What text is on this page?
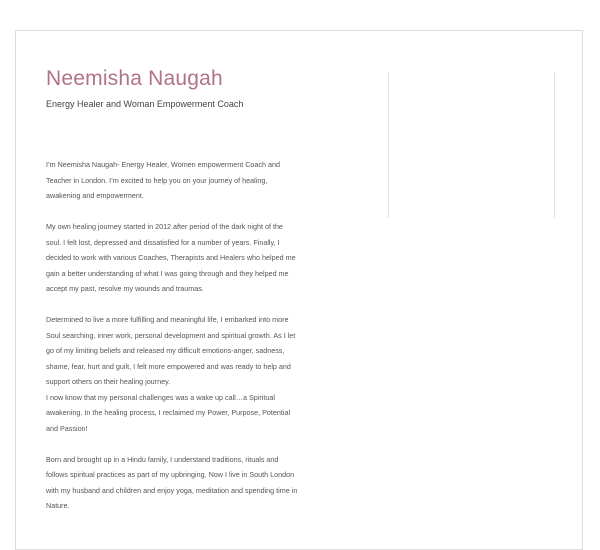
Neemisha Naugah
Energy Healer and Woman Empowerment Coach

I’m Neemisha Naugah- Energy Healer, Women empowerment Coach and
Teacher in London. I’m excited to help you on your journey of healing,
awakening and empowerment.

My own healing journey started in 2012 after period of the dark night of the
soul. I felt lost, depressed and dissatisfied for a number of years. Finally, I
decided to work with various Coaches, Therapists and Healers who helped me
gain a better understanding of what I was going through and they helped me
accept my past, resolve my wounds and traumas.

Determined to live a more fulfilling and meaningful life, I embarked into more
Soul searching, inner work, personal development and spiritual growth. As I let
go of my limiting beliefs and released my difficult emotions-anger, sadness,
shame, fear, hurt and guilt, I felt more empowered and was ready to help and
support others on their healing journey.
I now know that my personal challenges was a wake up call…a Spiritual
awakening. In the healing process, I reclaimed my Power, Purpose, Potential
and Passion!

Born and brought up in a Hindu family, I understand traditions, rituals and
follows spiritual practices as part of my upbringing. Now I live in South London
with my husband and children and enjoy yoga, meditation and spending time in
Nature.
